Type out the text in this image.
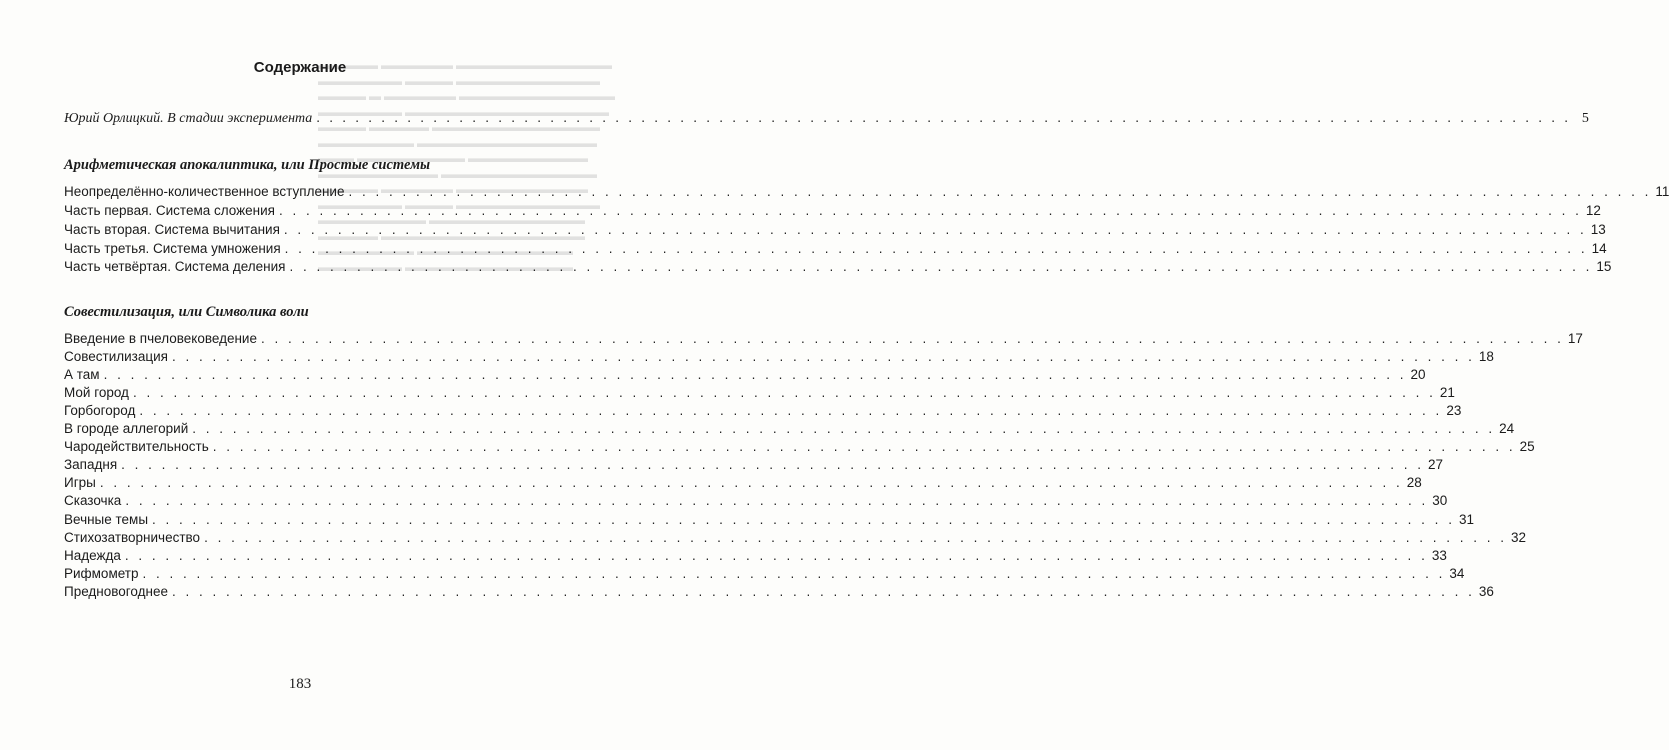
▬▬▬▬▬ ▬▬▬▬▬▬ ▬▬▬▬▬▬▬▬▬▬▬▬▬
▬▬▬▬▬▬▬ ▬▬▬▬ ▬▬▬▬▬▬▬▬▬▬▬▬
▬▬▬▬ ▬ ▬▬▬▬▬▬ ▬▬▬▬▬▬▬▬▬▬▬▬▬
▬▬▬▬▬▬▬ ▬▬▬▬▬▬▬▬▬▬▬▬▬▬▬▬▬
▬▬▬▬ ▬▬▬▬▬ ▬▬▬▬▬▬▬▬▬▬▬▬▬▬
▬▬▬▬▬▬▬▬ ▬▬▬▬▬▬▬▬▬▬▬▬▬▬▬
▬▬▬ ▬▬▬▬▬▬▬▬▬ ▬▬▬▬▬▬▬▬▬▬
▬▬▬▬▬▬▬▬▬▬ ▬▬▬▬▬▬▬▬▬▬▬▬▬
▬▬▬▬▬ ▬▬▬▬▬▬ ▬▬▬▬▬▬▬▬▬▬▬
▬▬▬▬▬▬▬ ▬▬▬▬ ▬▬▬▬▬▬▬▬▬▬▬▬
▬▬▬▬▬▬▬▬▬ ▬▬▬▬▬▬▬▬▬▬▬▬▬
▬▬▬▬▬ ▬▬▬▬▬▬▬▬▬▬▬▬▬▬▬▬▬
▬▬▬▬▬▬▬▬ ▬▬▬▬▬▬▬▬▬▬▬▬▬
▬▬▬▬▬▬▬ ▬▬▬▬▬▬▬▬▬▬▬▬▬▬
Содержание
Юрий Орлицкий. В стадии эксперимента . . .	5
Арифметическая апокалиптика, или Простые системы
Неопределённо-количественное вступление . . .	11
Часть первая. Система сложения . . .	12
Часть вторая. Система вычитания . . .	13
Часть третья. Система умножения . . .	14
Часть четвёртая. Система деления . . .	15
Совестилизация, или Символика воли
Введение в пчеловековедение . . .	17
Совестилизация . . .	18
А там . . .	20
Мой город . . .	21
Горбогород . . .	23
В городе аллегорий . . .	24
Чародействительность . . .	25
Западня . . .	27
Игры . . .	28
Сказочка . . .	30
Вечные темы . . .	31
Стихозатворничество . . .	32
Надежда . . .	33
Рифмометр . . .	34
Предновогоднее . . .	36
183
